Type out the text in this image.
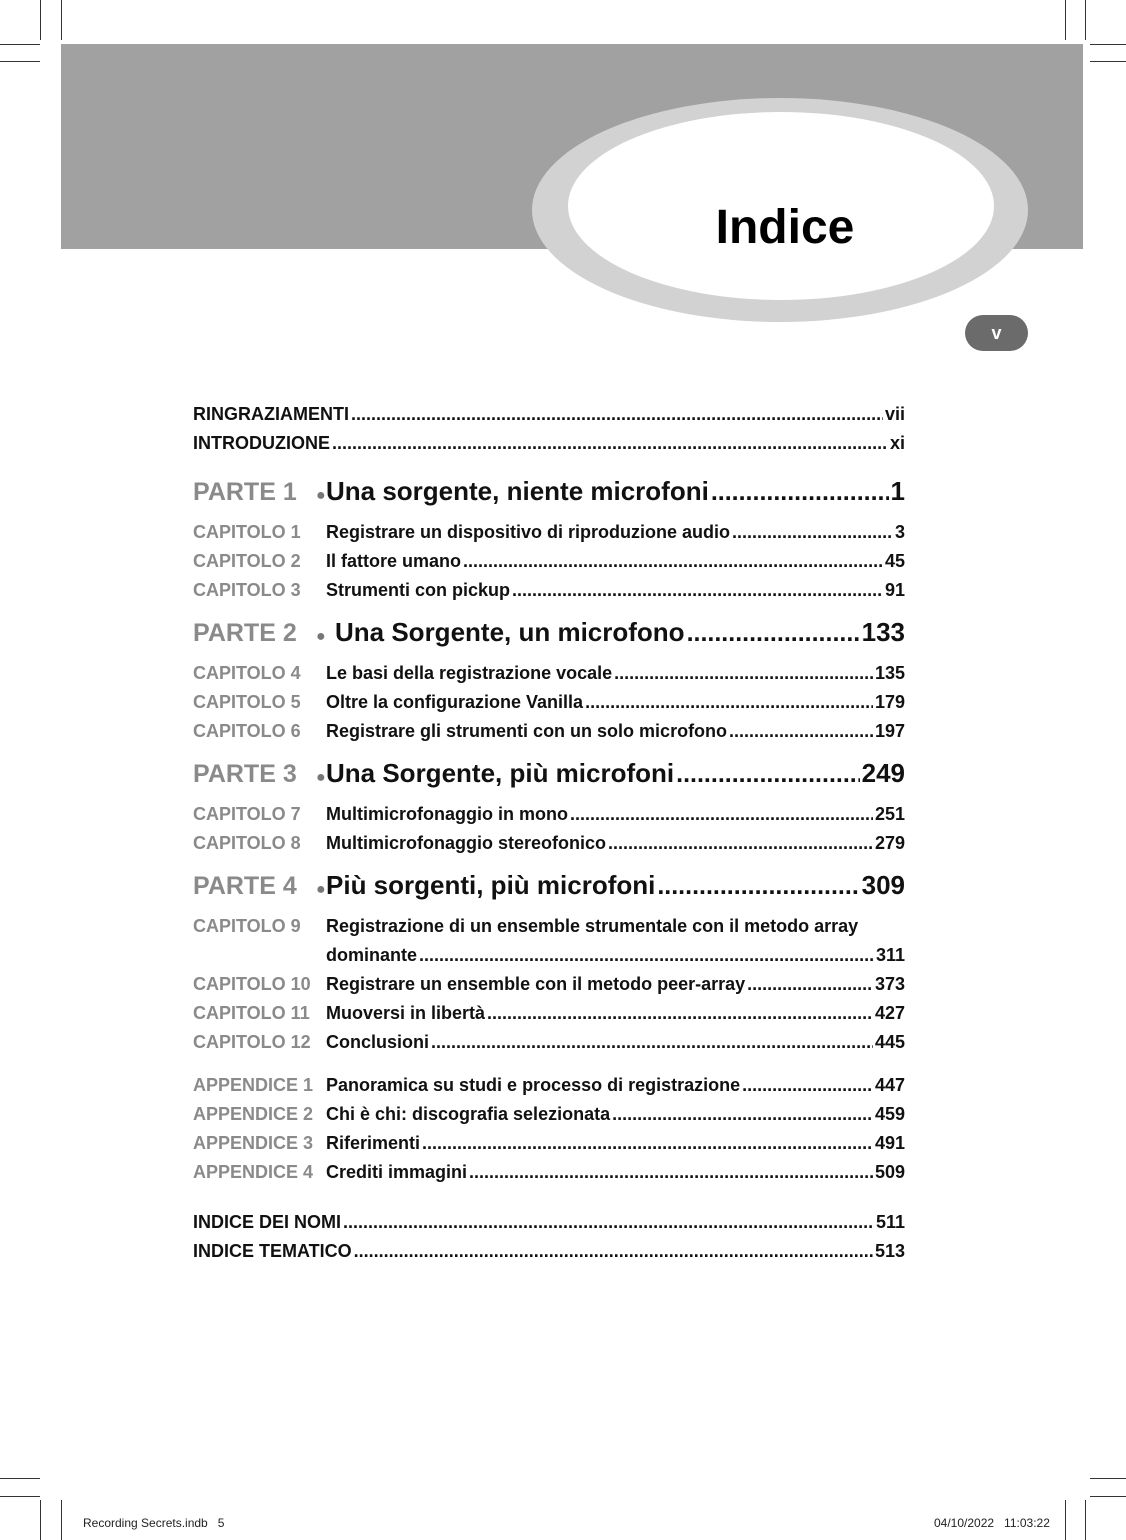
Indice
v
RINGRAZIAMENTI .....	vii
INTRODUZIONE .....	xi
PARTE 1	● Una sorgente, niente microfoni .....	1
CAPITOLO 1	Registrare un dispositivo di riproduzione audio .....	3
CAPITOLO 2	Il fattore umano .....	45
CAPITOLO 3	Strumenti con pickup .....	91
PARTE 2	● Una Sorgente, un microfono .....	133
CAPITOLO 4	Le basi della registrazione vocale .....	135
CAPITOLO 5	Oltre la configurazione Vanilla .....	179
CAPITOLO 6	Registrare gli strumenti con un solo microfono .....	197
PARTE 3	● Una Sorgente, più microfoni .....	249
CAPITOLO 7	Multimicrofonaggio in mono .....	251
CAPITOLO 8	Multimicrofonaggio stereofonico .....	279
PARTE 4	● Più sorgenti, più microfoni .....	309
CAPITOLO 9	Registrazione di un ensemble strumentale con il metodo array
dominante .....	311
CAPITOLO 10 Registrare un ensemble con il metodo peer-array .....	373
CAPITOLO 11 Muoversi in libertà .....	427
CAPITOLO 12 Conclusioni .....	445
APPENDICE 1 Panoramica su studi e processo di registrazione .....	447
APPENDICE 2 Chi è chi: discografia selezionata .....	459
APPENDICE 3 Riferimenti .....	491
APPENDICE 4 Crediti immagini .....	509
INDICE DEI NOMI .....	511
INDICE TEMATICO .....	513
Recording Secrets.indb   5	04/10/2022   11:03:22
